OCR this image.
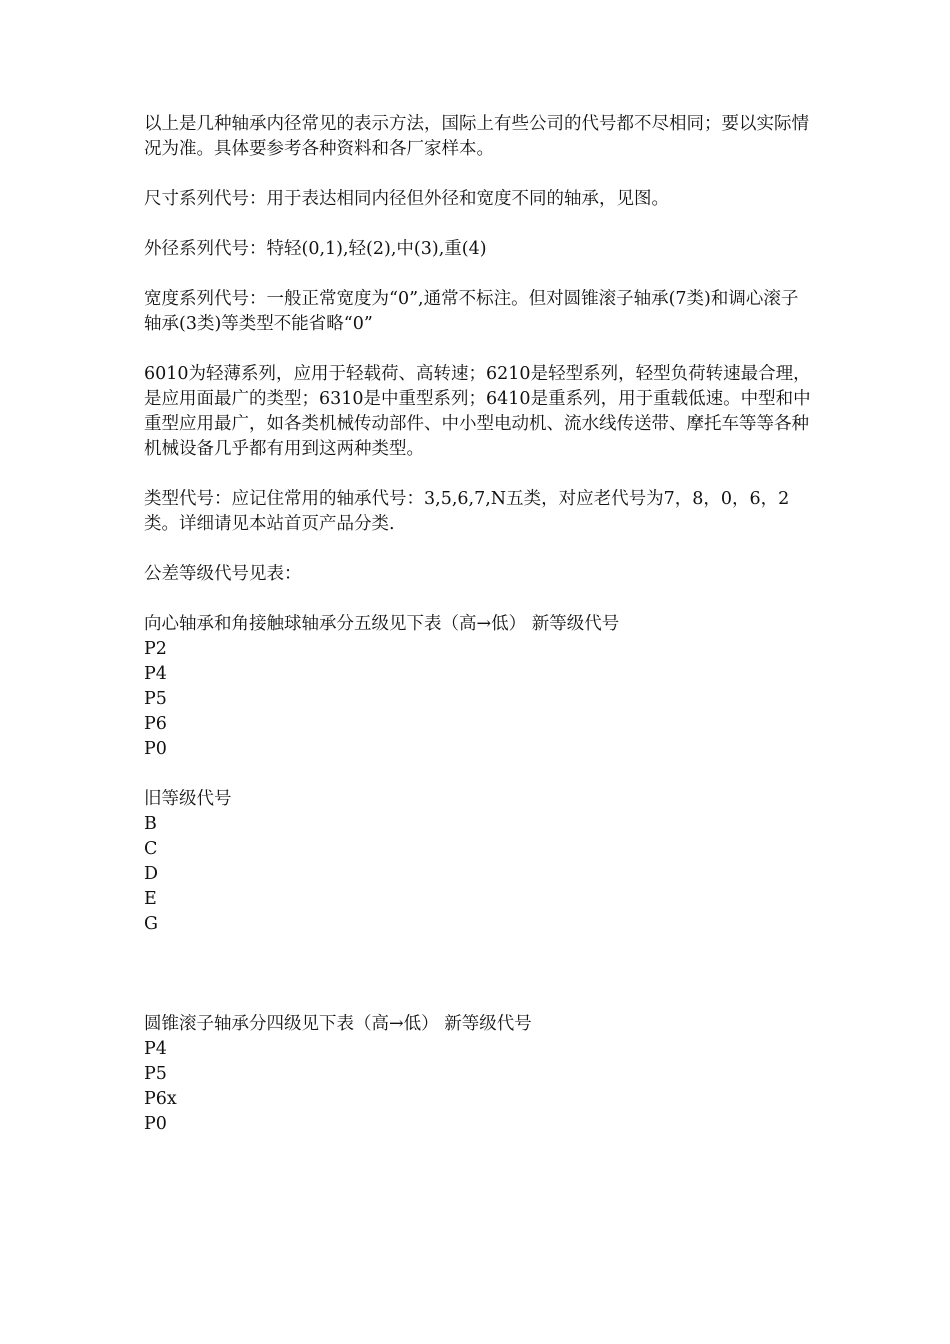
以上是几种轴承内径常见的表示方法，国际上有些公司的代号都不尽相同；要以实际情况为准。具体要参考各种资料和各厂家样本。

尺寸系列代号：用于表达相同内径但外径和宽度不同的轴承，见图。

外径系列代号：特轻(0,1),轻(2),中(3),重(4)

宽度系列代号：一般正常宽度为“0”,通常不标注。但对圆锥滚子轴承(7类)和调心滚子轴承(3类)等类型不能省略“0”

6010为轻薄系列，应用于轻载荷、高转速；6210是轻型系列，轻型负荷转速最合理，是应用面最广的类型；6310是中重型系列；6410是重系列，用于重载低速。中型和中重型应用最广，如各类机械传动部件、中小型电动机、流水线传送带、摩托车等等各种机械设备几乎都有用到这两种类型。

类型代号：应记住常用的轴承代号：3,5,6,7,N五类，对应老代号为7，8，0，6，2类。详细请见本站首页产品分类.

公差等级代号见表：

向心轴承和角接触球轴承分五级见下表（高→低） 新等级代号
P2
P4
P5
P6
P0
旧等级代号
B
C
D
E
G
圆锥滚子轴承分四级见下表（高→低） 新等级代号
P4
P5
P6x
P0
